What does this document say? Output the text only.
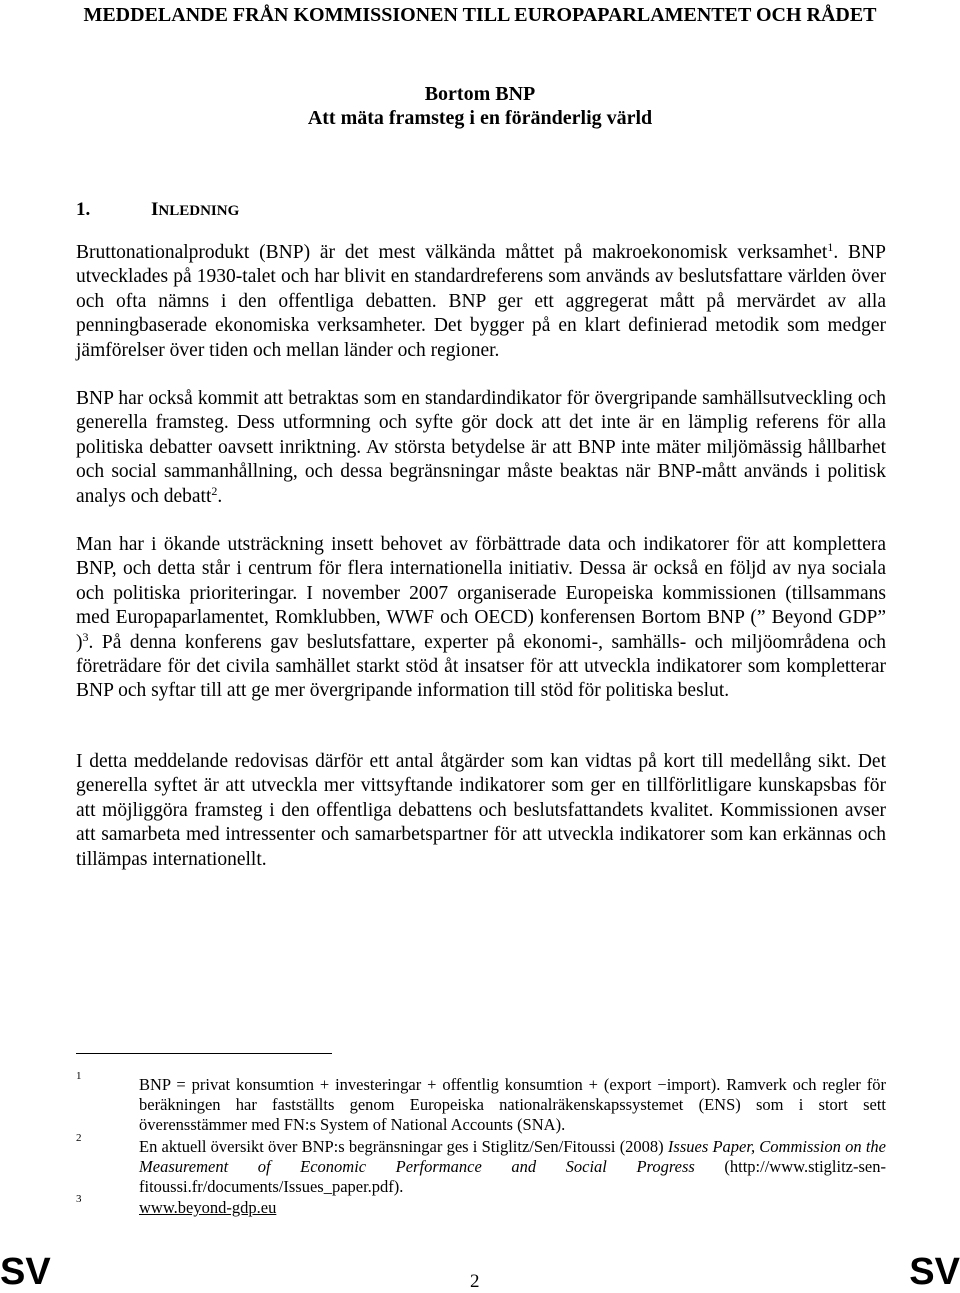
MEDDELANDE FRÅN KOMMISSIONEN TILL EUROPAPARLAMENTET OCH RÅDET
Bortom BNP
Att mäta framsteg i en föränderlig värld
1.	INLEDNING

Bruttonationalprodukt (BNP) är det mest välkända måttet på makroekonomisk verksamhet$^1$. BNP utvecklades på 1930-talet och har blivit en standardreferens som används av beslutsfattare världen över och ofta nämns i den offentliga debatten. BNP ger ett aggregerat mått på mervärdet av alla penningbaserade ekonomiska verksamheter. Det bygger på en klart definierad metodik som medger jämförelser över tiden och mellan länder och regioner.

BNP har också kommit att betraktas som en standardindikator för övergripande samhällsutveckling och generella framsteg. Dess utformning och syfte gör dock att det inte är en lämplig referens för alla politiska debatter oavsett inriktning. Av största betydelse är att BNP inte mäter miljömässig hållbarhet och social sammanhållning, och dessa begränsningar måste beaktas när BNP-mått används i politisk analys och debatt$^2$.

Man har i ökande utsträckning insett behovet av förbättrade data och indikatorer för att komplettera BNP, och detta står i centrum för flera internationella initiativ. Dessa är också en följd av nya sociala och politiska prioriteringar. I november 2007 organiserade Europeiska kommissionen (tillsammans med Europaparlamentet, Romklubben, WWF och OECD) konferensen Bortom BNP (” Beyond GDP” )$^3$. På denna konferens gav beslutsfattare, experter på ekonomi-, samhälls- och miljöområdena och företrädare för det civila samhället starkt stöd åt insatser för att utveckla indikatorer som kompletterar BNP och syftar till att ge mer övergripande information till stöd för politiska beslut.

I detta meddelande redovisas därför ett antal åtgärder som kan vidtas på kort till medellång sikt. Det generella syftet är att utveckla mer vittsyftande indikatorer som ger en tillförlitligare kunskapsbas för att möjliggöra framsteg i den offentliga debattens och beslutsfattandets kvalitet. Kommissionen avser att samarbeta med intressenter och samarbetspartner för att utveckla indikatorer som kan erkännas och tillämpas internationellt.

1	BNP = privat konsumtion + investeringar + offentlig konsumtion + (export −import). Ramverk och regler för beräkningen har fastställts genom Europeiska nationalräkenskapssystemet (ENS) som i stort sett överensstämmer med FN:s System of National Accounts (SNA).
2	En aktuell översikt över BNP:s begränsningar ges i Stiglitz/Sen/Fitoussi (2008) Issues Paper, Commission on the Measurement of Economic Performance and Social Progress (http://www.stiglitz-sen-fitoussi.fr/documents/Issues_paper.pdf).
3	www.beyond-gdp.eu
SV	2	SV
